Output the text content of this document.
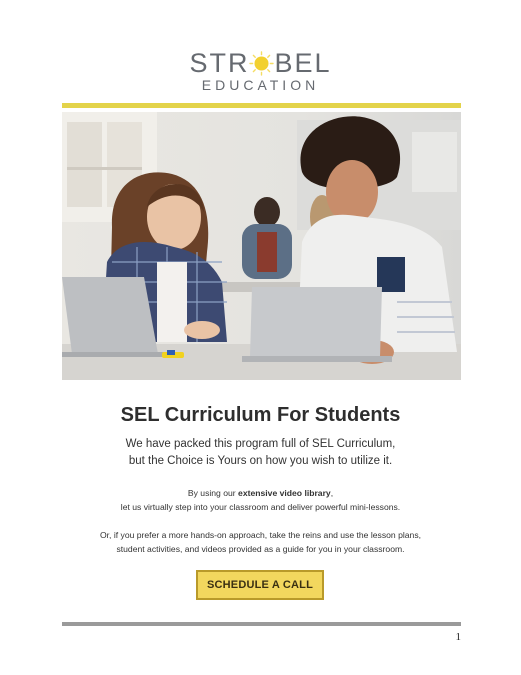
STR BEL
EDUCATION
SEL Curriculum For Students
We have packed this program full of SEL Curriculum,
but the Choice is Yours on how you wish to utilize it.
By using our extensive video library,
let us virtually step into your classroom and deliver powerful mini-lessons.
Or, if you prefer a more hands-on approach, take the reins and use the lesson plans,
student activities, and videos provided as a guide for you in your classroom.
SCHEDULE A CALL
1
